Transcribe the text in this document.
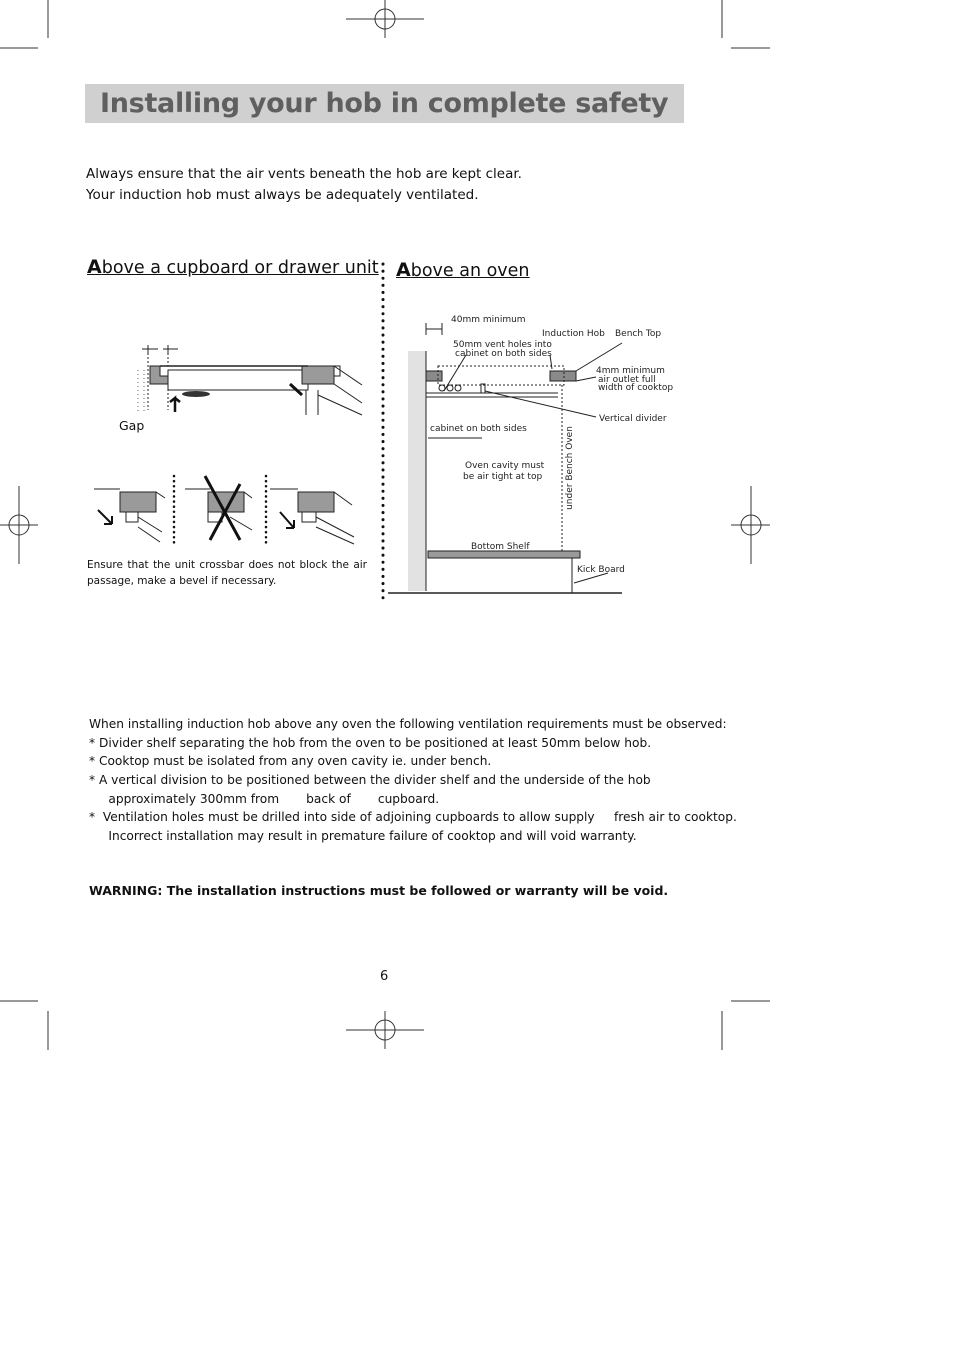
Installing your hob in complete safety
Always ensure that the air vents beneath the hob are kept clear.
Your induction hob must always be adequately ventilated.
Above a cupboard or drawer unit Above an oven
Gap
Ensure that the unit crossbar does not block the air passage, make a bevel if necessary.
40mm minimum
Induction Hob Bench Top
50mm vent holes into
cabinet on both sides
4mm minimum
air outlet full
width of cooktop
Vertical divider
cabinet on both sides
Oven cavity must
be air tight at top	under Bench Oven
Bottom Shelf
Kick Board
When installing induction hob above any oven the following ventilation requirements must be observed:
* Divider shelf separating the hob from the oven to be positioned at least 50mm below hob.
* Cooktop must be isolated from any oven cavity ie. under bench.
* A vertical division to be positioned between the divider shelf and the underside of the hob
approximately 300mm from       back of       cupboard.
*  Ventilation holes must be drilled into side of adjoining cupboards to allow supply     fresh air to cooktop.
Incorrect installation may result in premature failure of cooktop and will void warranty.
WARNING: The installation instructions must be followed or warranty will be void.
6
